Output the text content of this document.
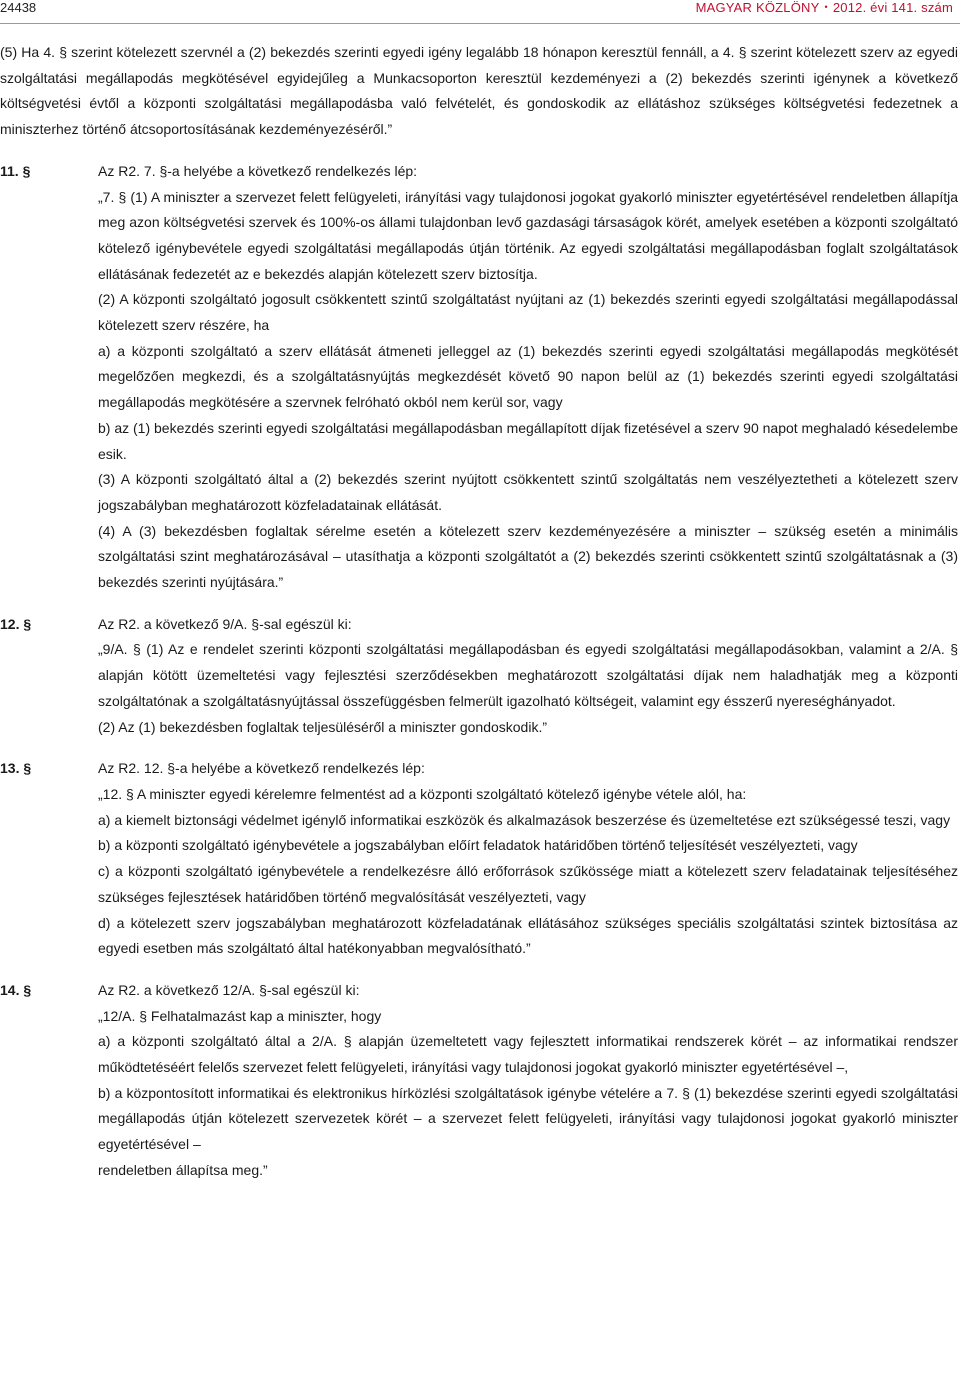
24438	MAGYAR KÖZLÖNY • 2012. évi 141. szám

(5) Ha 4. § szerint kötelezett szervnél a (2) bekezdés szerinti egyedi igény legalább 18 hónapon keresztül fennáll, a 4. § szerint kötelezett szerv az egyedi szolgáltatási megállapodás megkötésével egyidejűleg a Munkacsoporton keresztül kezdeményezi a (2) bekezdés szerinti igénynek a következő költségvetési évtől a központi szolgáltatási megállapodásba való felvételét, és gondoskodik az ellátáshoz szükséges költségvetési fedezetnek a miniszterhez történő átcsoportosításának kezdeményezéséről.”

11. §	Az R2. 7. §-a helyébe a következő rendelkezés lép:

„7. § (1) A miniszter a szervezet felett felügyeleti, irányítási vagy tulajdonosi jogokat gyakorló miniszter egyetértésével rendeletben állapítja meg azon költségvetési szervek és 100%-os állami tulajdonban levő gazdasági társaságok körét, amelyek esetében a központi szolgáltató kötelező igénybevétele egyedi szolgáltatási megállapodás útján történik. Az egyedi szolgáltatási megállapodásban foglalt szolgáltatások ellátásának fedezetét az e bekezdés alapján kötelezett szerv biztosítja.

(2) A központi szolgáltató jogosult csökkentett szintű szolgáltatást nyújtani az (1) bekezdés szerinti egyedi szolgáltatási megállapodással kötelezett szerv részére, ha

a) a központi szolgáltató a szerv ellátását átmeneti jelleggel az (1) bekezdés szerinti egyedi szolgáltatási megállapodás megkötését megelőzően megkezdi, és a szolgáltatásnyújtás megkezdését követő 90 napon belül az (1) bekezdés szerinti egyedi szolgáltatási megállapodás megkötésére a szervnek felróható okból nem kerül sor, vagy

b) az (1) bekezdés szerinti egyedi szolgáltatási megállapodásban megállapított díjak fizetésével a szerv 90 napot meghaladó késedelembe esik.

(3) A központi szolgáltató által a (2) bekezdés szerint nyújtott csökkentett szintű szolgáltatás nem veszélyeztetheti a kötelezett szerv jogszabályban meghatározott közfeladatainak ellátását.

(4) A (3) bekezdésben foglaltak sérelme esetén a kötelezett szerv kezdeményezésére a miniszter – szükség esetén a minimális szolgáltatási szint meghatározásával – utasíthatja a központi szolgáltatót a (2) bekezdés szerinti csökkentett szintű szolgáltatásnak a (3) bekezdés szerinti nyújtására.”

12. §	Az R2. a következő 9/A. §-sal egészül ki:

„9/A. § (1) Az e rendelet szerinti központi szolgáltatási megállapodásban és egyedi szolgáltatási megállapodásokban, valamint a 2/A. § alapján kötött üzemeltetési vagy fejlesztési szerződésekben meghatározott szolgáltatási díjak nem haladhatják meg a központi szolgáltatónak a szolgáltatásnyújtással összefüggésben felmerült igazolható költségeit, valamint egy ésszerű nyereséghányadot.

(2) Az (1) bekezdésben foglaltak teljesüléséről a miniszter gondoskodik.”

13. §	Az R2. 12. §-a helyébe a következő rendelkezés lép:

„12. § A miniszter egyedi kérelemre felmentést ad a központi szolgáltató kötelező igénybe vétele alól, ha:

a) a kiemelt biztonsági védelmet igénylő informatikai eszközök és alkalmazások beszerzése és üzemeltetése ezt szükségessé teszi, vagy

b) a központi szolgáltató igénybevétele a jogszabályban előírt feladatok határidőben történő teljesítését veszélyezteti, vagy

c) a központi szolgáltató igénybevétele a rendelkezésre álló erőforrások szűkössége miatt a kötelezett szerv feladatainak teljesítéséhez szükséges fejlesztések határidőben történő megvalósítását veszélyezteti, vagy

d) a kötelezett szerv jogszabályban meghatározott közfeladatának ellátásához szükséges speciális szolgáltatási szintek biztosítása az egyedi esetben más szolgáltató által hatékonyabban megvalósítható.”

14. §	Az R2. a következő 12/A. §-sal egészül ki:

„12/A. § Felhatalmazást kap a miniszter, hogy

a) a központi szolgáltató által a 2/A. § alapján üzemeltetett vagy fejlesztett informatikai rendszerek körét – az informatikai rendszer működtetéséért felelős szervezet felett felügyeleti, irányítási vagy tulajdonosi jogokat gyakorló miniszter egyetértésével –,

b) a központosított informatikai és elektronikus hírközlési szolgáltatások igénybe vételére a 7. § (1) bekezdése szerinti egyedi szolgáltatási megállapodás útján kötelezett szervezetek körét – a szervezet felett felügyeleti, irányítási vagy tulajdonosi jogokat gyakorló miniszter egyetértésével –

rendeletben állapítsa meg.”
